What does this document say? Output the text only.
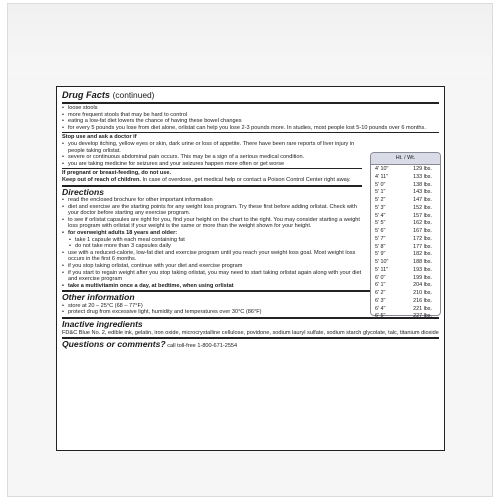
Drug Facts (continued)
• loose stools
• more frequent stools that may be hard to control
• eating a low-fat diet lowers the chance of having these bowel changes
• for every 5 pounds you lose from diet alone, orlistat can help you lose 2-3 pounds more. In studies, most people lost 5-10 pounds over 6 months.
Stop use and ask a doctor if
• you develop itching, yellow eyes or skin, dark urine or loss of appetite. There have been rare reports of liver injury in people taking orlistat.
• severe or continuous abdominal pain occurs. This may be a sign of a serious medical condition.
• you are taking medicine for seizures and your seizures happen more often or get worse
If pregnant or breast-feeding, do not use.
Keep out of reach of children. In case of overdose, get medical help or contact a Poison Control Center right away.
Directions
• read the enclosed brochure for other important information
• diet and exercise are the starting points for any weight loss program. Try these first before adding orlistat. Check with your doctor before starting any exercise program.
• to see if orlistat capsules are right for you, find your height on the chart to the right. You may consider starting a weight loss program with orlistat if your weight is the same or more than the weight shown for your height.
• for overweight adults 18 years and older:
• take 1 capsule with each meal containing fat
• do not take more than 3 capsules daily
• use with a reduced-calorie, low-fat diet and exercise program until you reach your weight loss goal. Most weight loss occurs in the first 6 months.
• if you stop taking orlistat, continue with your diet and exercise program
• if you start to regain weight after you stop taking orlistat, you may need to start taking orlistat again along with your diet and exercise program
• take a multivitamin once a day, at bedtime, when using orlistat
Other information
• store at 20 – 25°C (68 – 77°F)
• protect drug from excessive light, humidity and temperatures over 30°C (86°F)
Inactive ingredients
FD&C Blue No. 2, edible ink, gelatin, iron oxide, microcrystalline cellulose, povidone, sodium lauryl sulfate, sodium starch glycolate, talc, titanium dioxide
Questions or comments? call toll-free 1-800-671-2554
Ht. / Wt.
4' 10"	129 lbs.
4' 11"	133 lbs.
5' 0"	138 lbs.
5' 1"	143 lbs.
5' 2"	147 lbs.
5' 3"	152 lbs.
5' 4"	157 lbs.
5' 5"	162 lbs.
5' 6"	167 lbs.
5' 7"	172 lbs.
5' 8"	177 lbs.
5' 9"	182 lbs.
5' 10"	188 lbs.
5' 11"	193 lbs.
6' 0"	199 lbs.
6' 1"	204 lbs.
6' 2"	210 lbs.
6' 3"	216 lbs.
6' 4"	221 lbs.
6' 5"	227 lbs.
